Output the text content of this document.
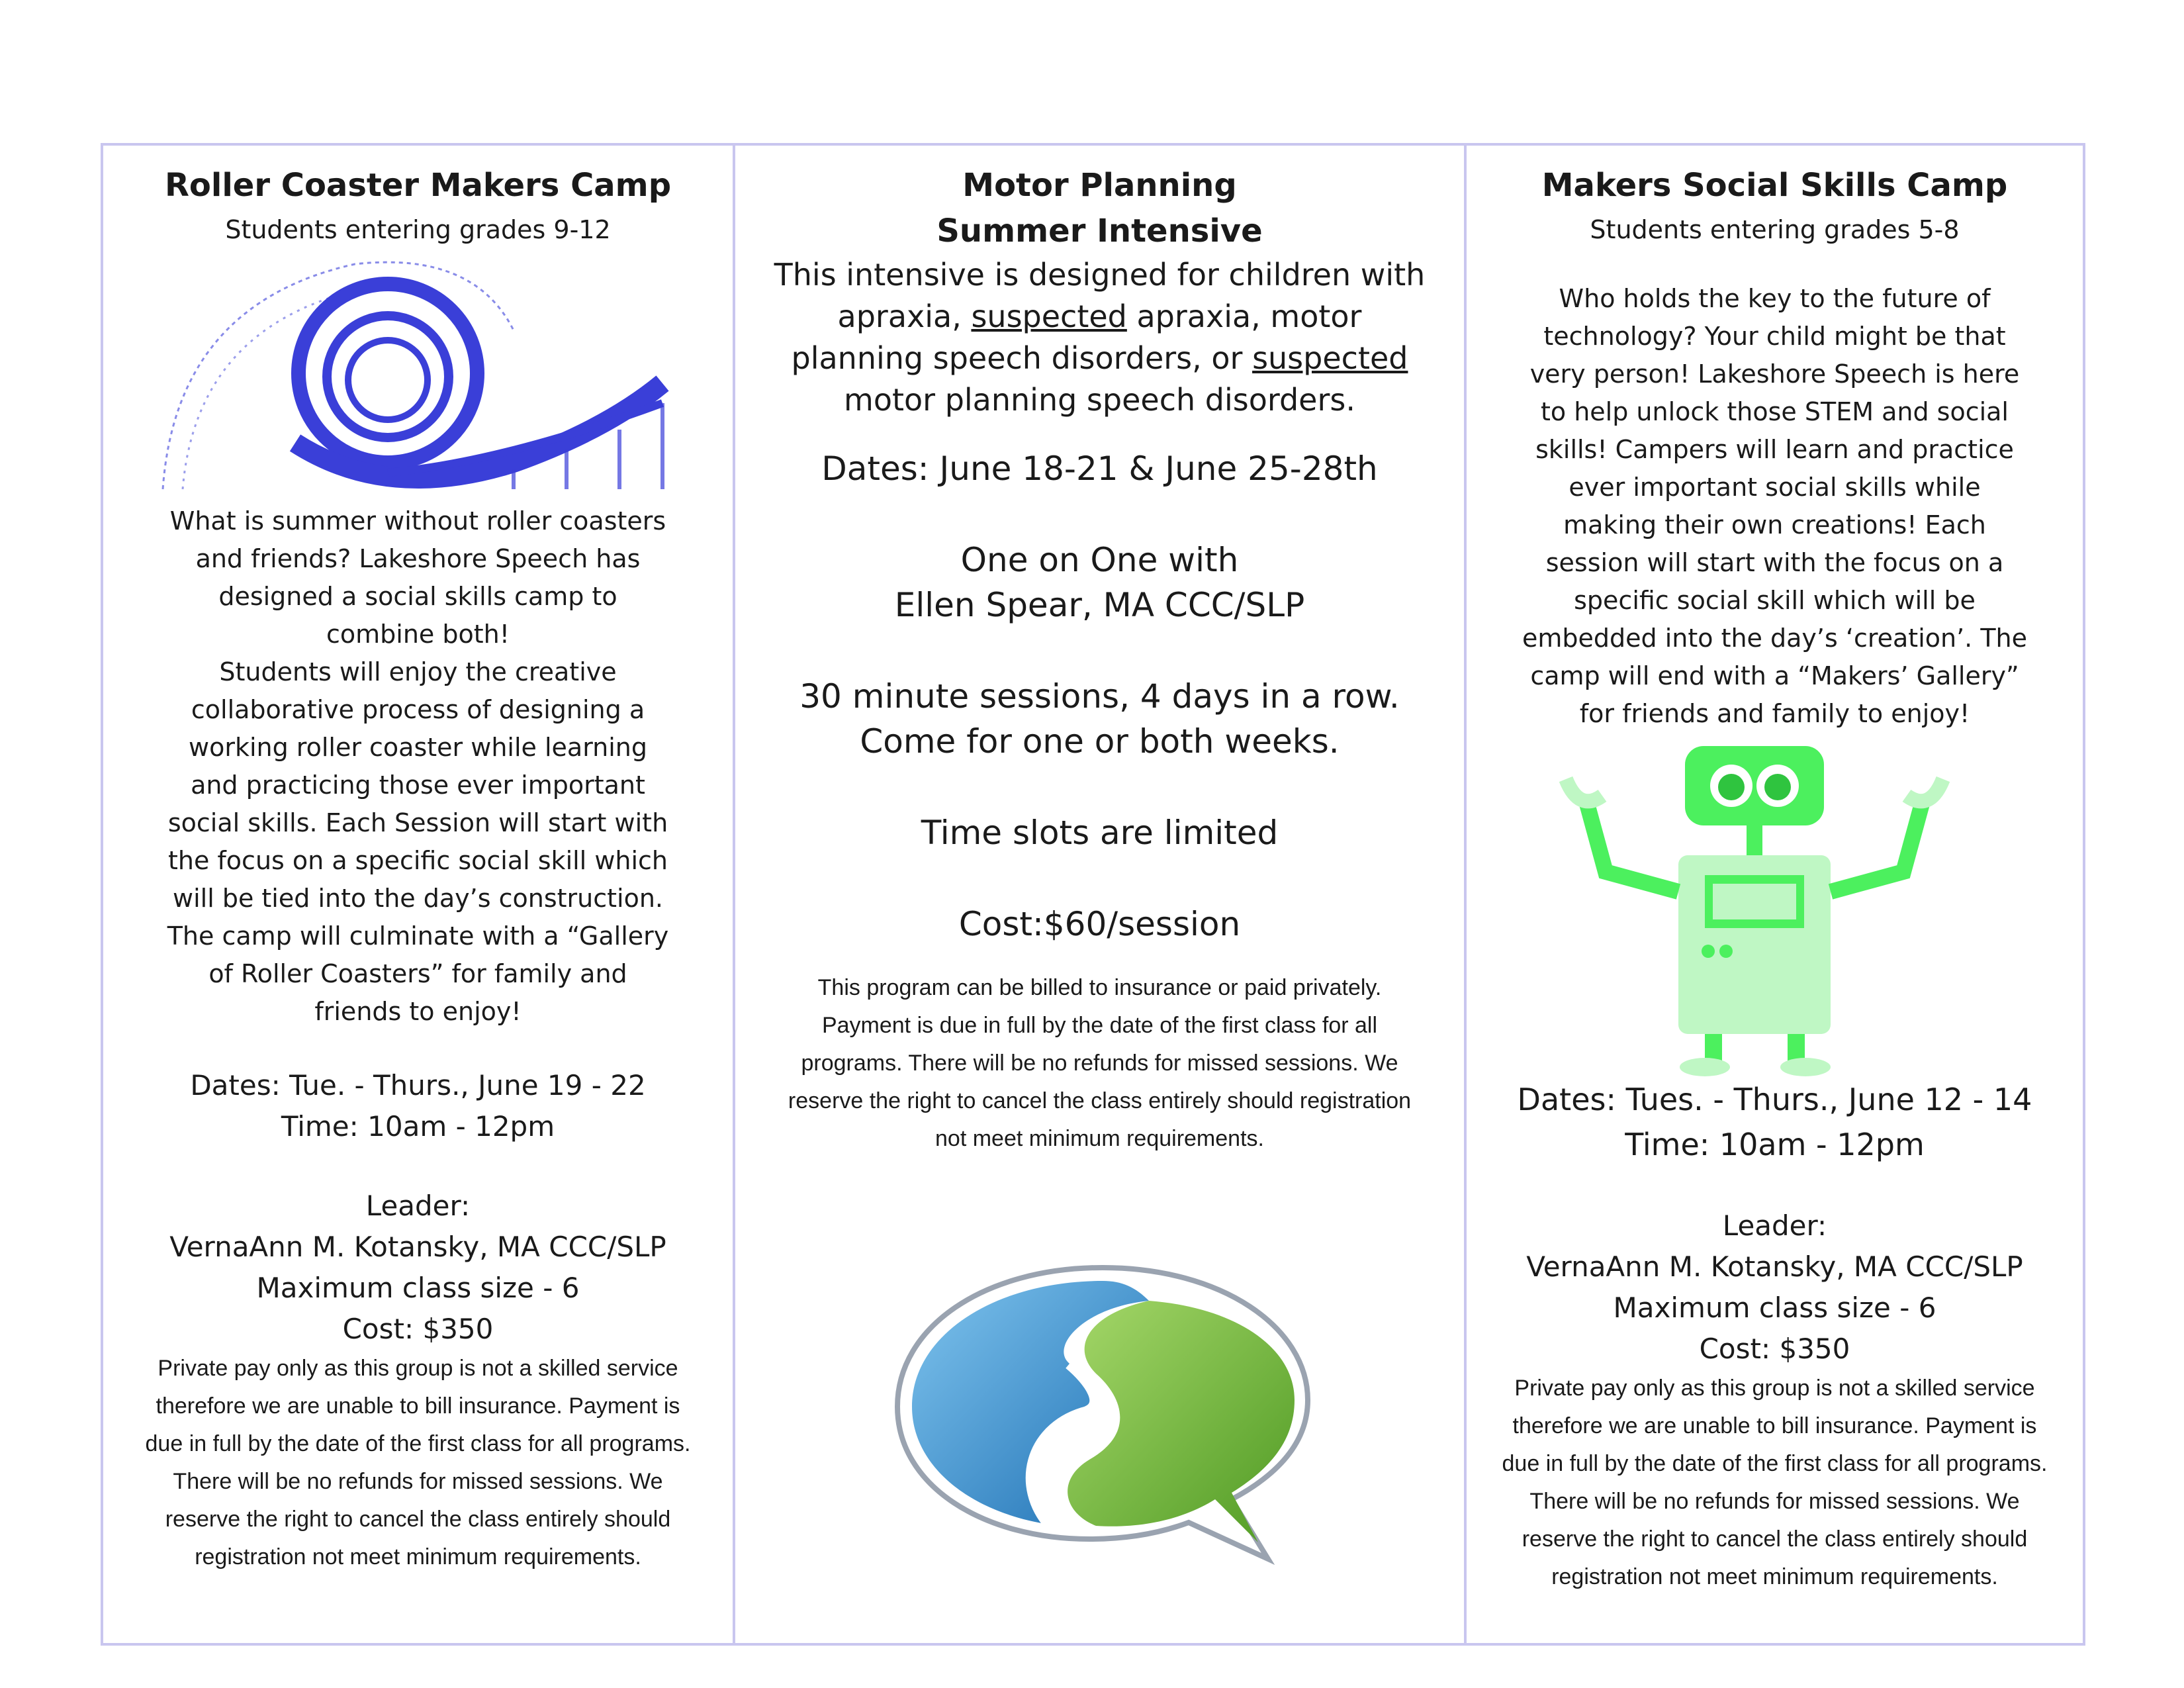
Roller Coaster Makers Camp

Students entering grades 9-12

What is summer without roller coasters

and friends? Lakeshore Speech has

designed a social skills camp to

combine both!

Students will enjoy the creative

collaborative process of designing a

working roller coaster while learning

and practicing those ever important

social skills. Each Session will start with

the focus on a specific social skill which

will be tied into the day’s construction.

The camp will culminate with a “Gallery

of Roller Coasters” for family and

friends to enjoy!

Dates: Tue. - Thurs., June 19 - 22

Time: 10am - 12pm

Leader:

VernaAnn M. Kotansky, MA CCC/SLP

Maximum class size - 6

Cost: $350

Private pay only as this group is not a skilled service

therefore we are unable to bill insurance. Payment is

due in full by the date of the first class for all programs.

There will be no refunds for missed sessions. We

reserve the right to cancel the class entirely should

registration not meet minimum requirements.

Motor Planning

Summer Intensive

This intensive is designed for children with

apraxia, suspected apraxia, motor

planning speech disorders, or suspected

motor planning speech disorders.

Dates: June 18-21 & June 25-28th

One on One with

Ellen Spear, MA CCC/SLP

30 minute sessions, 4 days in a row.

Come for one or both weeks.

Time slots are limited

Cost:$60/session

This program can be billed to insurance or paid privately.

Payment is due in full by the date of the first class for all

programs. There will be no refunds for missed sessions. We

reserve the right to cancel the class entirely should registration

not meet minimum requirements.

Makers Social Skills Camp

Students entering grades 5-8

Who holds the key to the future of

technology? Your child might be that

very person! Lakeshore Speech is here

to help unlock those STEM and social

skills! Campers will learn and practice

ever important social skills while

making their own creations! Each

session will start with the focus on a

specific social skill which will be

embedded into the day’s ‘creation’. The

camp will end with a “Makers’ Gallery”

for friends and family to enjoy!

Dates: Tues. - Thurs., June 12 - 14

Time: 10am - 12pm

Leader:

VernaAnn M. Kotansky, MA CCC/SLP

Maximum class size - 6

Cost: $350

Private pay only as this group is not a skilled service

therefore we are unable to bill insurance. Payment is

due in full by the date of the first class for all programs.

There will be no refunds for missed sessions. We

reserve the right to cancel the class entirely should

registration not meet minimum requirements.
